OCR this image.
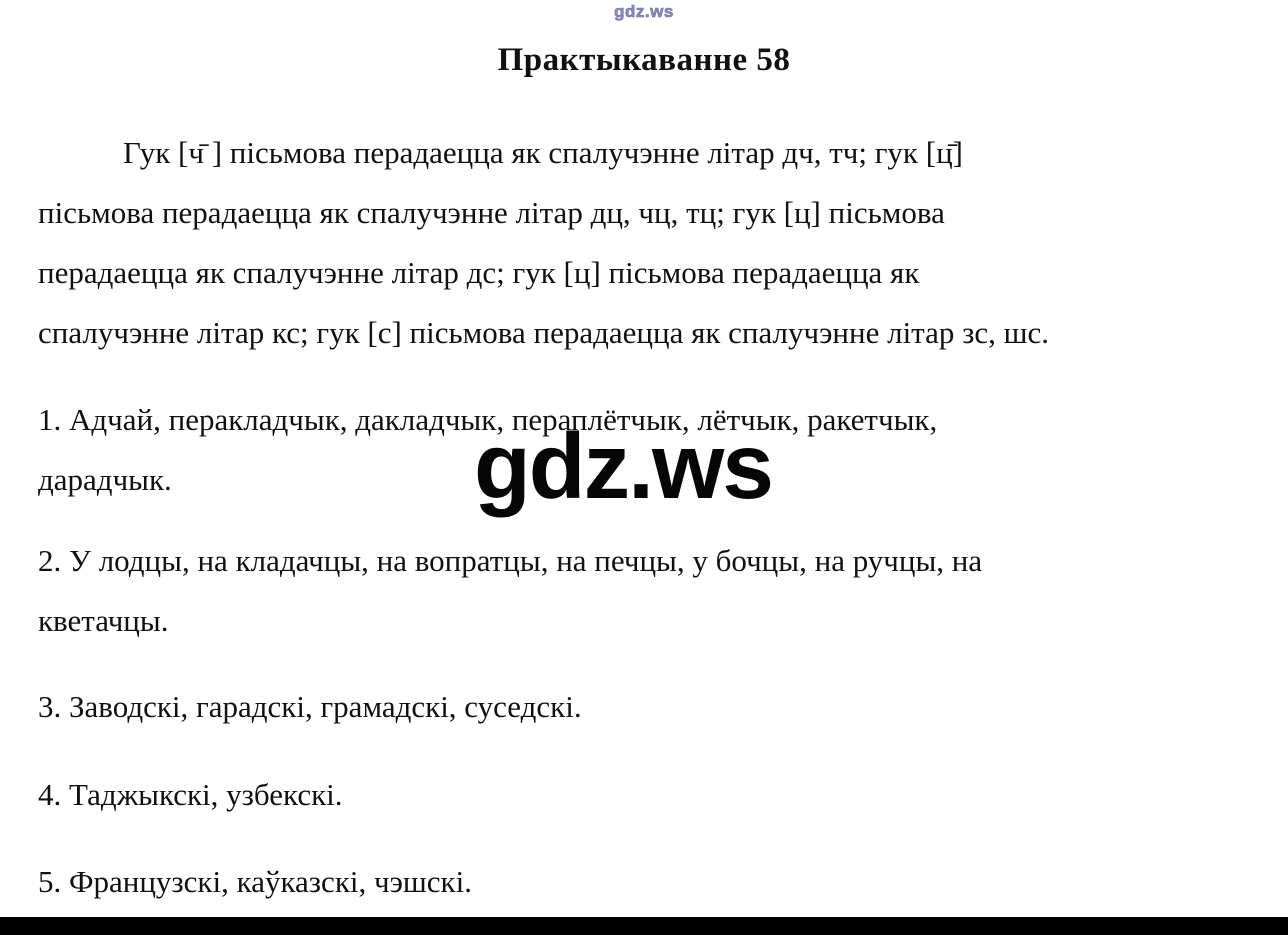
gdz.ws
Практыкаванне 58
Гук [ч̄ ] пісьмова перадаецца як спалучэнне літар дч, тч; гук [ц̄]
пісьмова перадаецца як спалучэнне літар дц, чц, тц; гук [ц] пісьмова
перадаецца як спалучэнне літар дс; гук [ц] пісьмова перадаецца як
спалучэнне літар кс; гук [с] пісьмова перадаецца як спалучэнне літар зс, шс.
1. Адчай, перакладчык, дакладчык, пераплётчык, лётчык, ракетчык,
дарадчык.
2. У лодцы, на кладачцы, на вопратцы, на печцы, у бочцы, на ручцы, на
кветачцы.
3. Заводскі, гарадскі, грамадскі, суседскі.
4. Таджыкскі, узбекскі.
5. Французскі, каўказскі, чэшскі.
gdz.ws
